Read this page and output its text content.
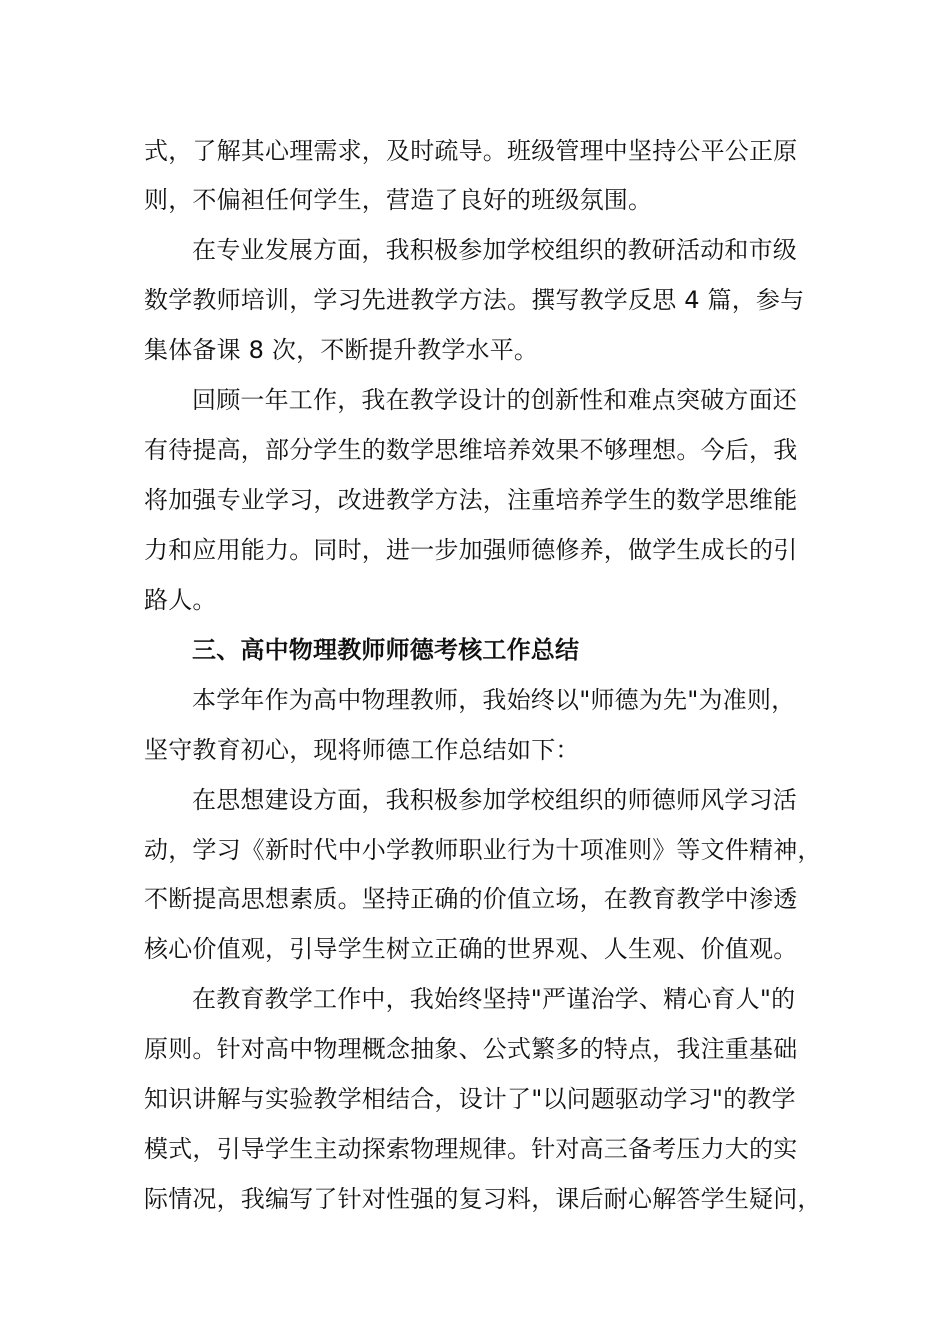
式，了解其心理需求，及时疏导。班级管理中坚持公平公正原
则，不偏袒任何学生，营造了良好的班级氛围。
在专业发展方面，我积极参加学校组织的教研活动和市级
数学教师培训，学习先进教学方法。撰写教学反思 4 篇，参与
集体备课 8 次，不断提升教学水平。
回顾一年工作，我在教学设计的创新性和难点突破方面还
有待提高，部分学生的数学思维培养效果不够理想。今后，我
将加强专业学习，改进教学方法，注重培养学生的数学思维能
力和应用能力。同时，进一步加强师德修养，做学生成长的引
路人。
三、高中物理教师师德考核工作总结
本学年作为高中物理教师，我始终以"师德为先"为准则，
坚守教育初心，现将师德工作总结如下：
在思想建设方面，我积极参加学校组织的师德师风学习活
动，学习《新时代中小学教师职业行为十项准则》等文件精神，
不断提高思想素质。坚持正确的价值立场，在教育教学中渗透
核心价值观，引导学生树立正确的世界观、人生观、价值观。
在教育教学工作中，我始终坚持"严谨治学、精心育人"的
原则。针对高中物理概念抽象、公式繁多的特点，我注重基础
知识讲解与实验教学相结合，设计了"以问题驱动学习"的教学
模式，引导学生主动探索物理规律。针对高三备考压力大的实
际情况，我编写了针对性强的复习料，课后耐心解答学生疑问，
